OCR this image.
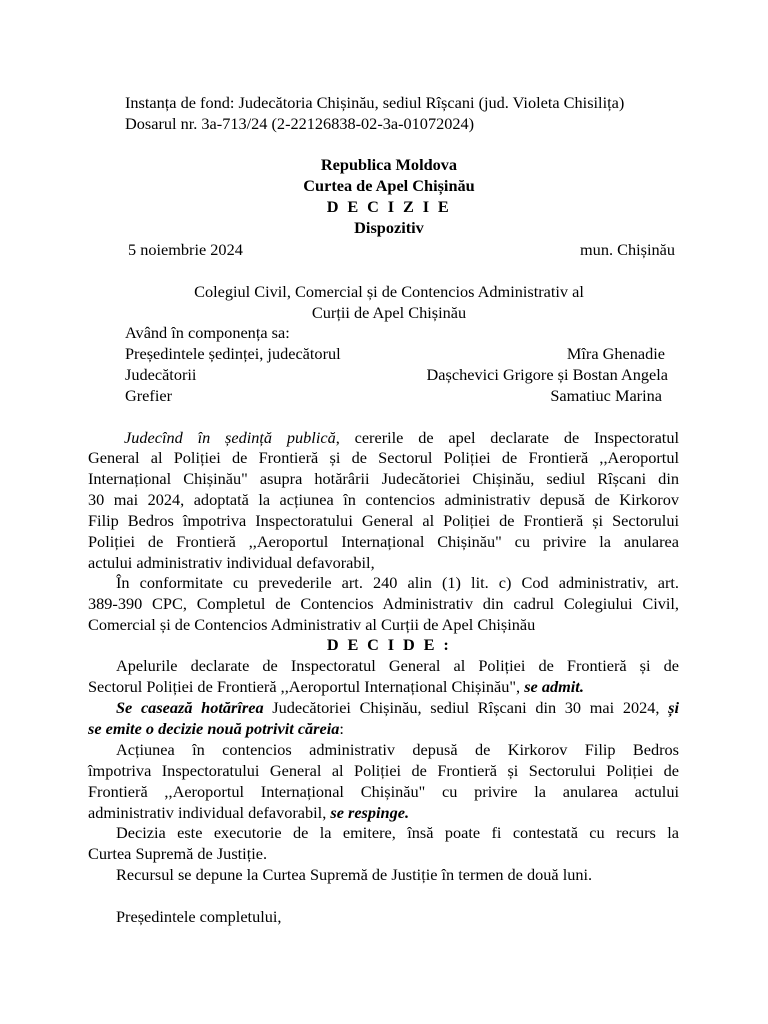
Instanța de fond: Judecătoria Chișinău, sediul Rîșcani (jud. Violeta Chisilița)
Dosarul nr. 3a-713/24 (2-22126838-02-3a-01072024)
Republica Moldova
Curtea de Apel Chișinău
D E C I Z I E
Dispozitiv
5 noiembrie 2024	mun. Chișinău
Colegiul Civil, Comercial și de Contencios Administrativ al
Curții de Apel Chișinău
Având în componența sa:
Președintele ședinței, judecătorul	Mîra Ghenadie
Judecătorii	Dașchevici Grigore și Bostan Angela
Grefier	Samatiuc Marina
Judecînd în ședință publică, cererile de apel declarate de Inspectoratul
General al Poliției de Frontieră și de Sectorul Poliției de Frontieră ,,Aeroportul
Internațional Chișinău" asupra hotărârii Judecătoriei Chișinău, sediul Rîșcani din
30 mai 2024, adoptată la acțiunea în contencios administrativ depusă de Kirkorov
Filip Bedros împotriva Inspectoratului General al Poliției de Frontieră și Sectorului
Poliției de Frontieră ,,Aeroportul Internațional Chișinău" cu privire la anularea
actului administrativ individual defavorabil,
În conformitate cu prevederile art. 240 alin (1) lit. c) Cod administrativ, art.
389-390 CPC, Completul de Contencios Administrativ din cadrul Colegiului Civil,
Comercial și de Contencios Administrativ al Curții de Apel Chișinău
D E C I D E :
Apelurile declarate de Inspectoratul General al Poliției de Frontieră și de
Sectorul Poliției de Frontieră ,,Aeroportul Internațional Chișinău", se admit.
Se casează hotărîrea Judecătoriei Chișinău, sediul Rîșcani din 30 mai 2024, și
se emite o decizie nouă potrivit căreia:
Acțiunea în contencios administrativ depusă de Kirkorov Filip Bedros
împotriva Inspectoratului General al Poliției de Frontieră și Sectorului Poliției de
Frontieră ,,Aeroportul Internațional Chișinău" cu privire la anularea actului
administrativ individual defavorabil, se respinge.
Decizia este executorie de la emitere, însă poate fi contestată cu recurs la
Curtea Supremă de Justiție.
Recursul se depune la Curtea Supremă de Justiție în termen de două luni.
Președintele completului,
